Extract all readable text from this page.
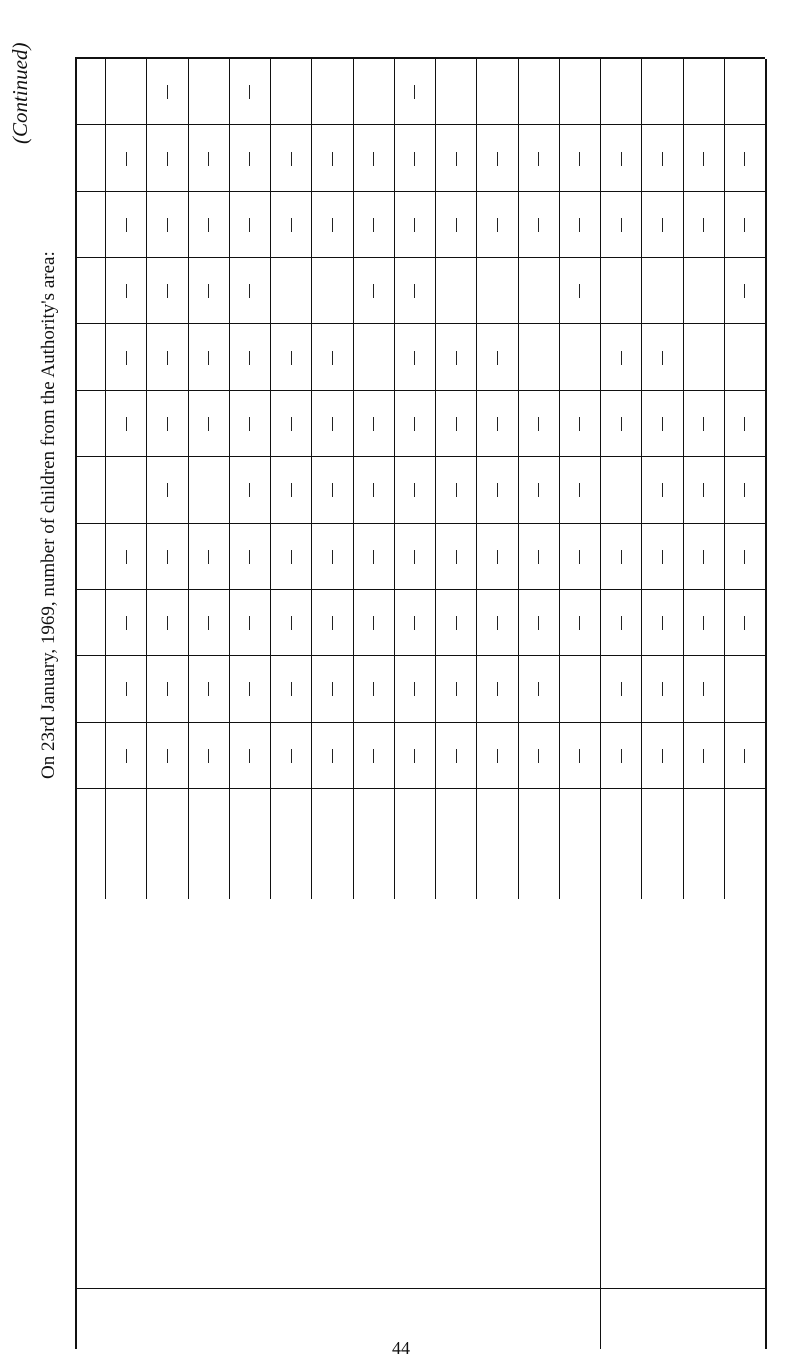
(Continued)
On 23rd January, 1969, number of children from the Authority's area:
44
